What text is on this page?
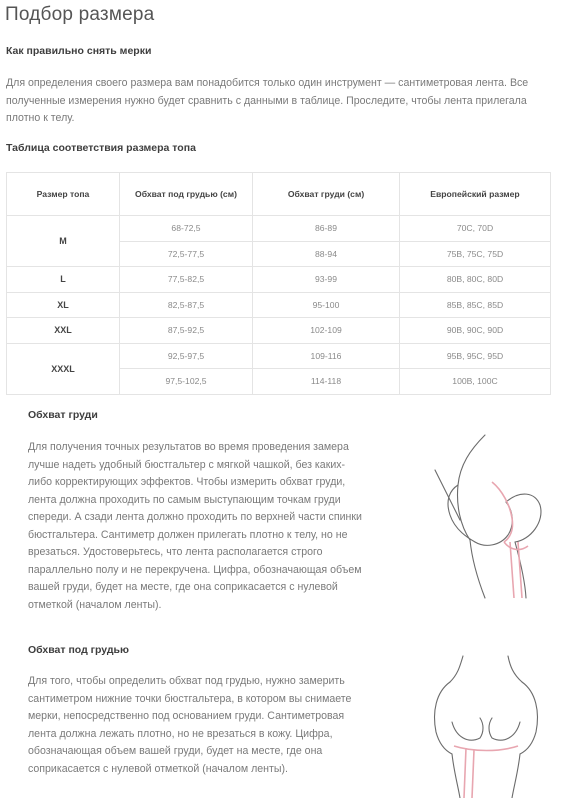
Подбор размера
Как правильно снять мерки
Для определения своего размера вам понадобится только один инструмент — сантиметровая лента. Все
полученные измерения нужно будет сравнить с данными в таблице. Проследите, чтобы лента прилегала
плотно к телу.
Таблица соответствия размера топа
Размер топа	Обхват под грудью (см)	Обхват груди (см)	Европейский размер
M	68-72,5	86-89	70C, 70D
	72,5-77,5	88-94	75B, 75C, 75D
L	77,5-82,5	93-99	80B, 80C, 80D
XL	82,5-87,5	95-100	85B, 85C, 85D
XXL	87,5-92,5	102-109	90B, 90C, 90D
XXXL	92,5-97,5	109-116	95B, 95C, 95D
	97,5-102,5	114-118	100B, 100C
Обхват груди
Для получения точных результатов во время проведения замера
лучше надеть удобный бюстгальтер с мягкой чашкой, без каких-
либо корректирующих эффектов. Чтобы измерить обхват груди,
лента должна проходить по самым выступающим точкам груди
спереди. А сзади лента должно проходить по верхней части спинки
бюстгальтера. Сантиметр должен прилегать плотно к телу, но не
врезаться. Удостоверьтесь, что лента располагается строго
параллельно полу и не перекручена. Цифра, обозначающая объем
вашей груди, будет на месте, где она соприкасается с нулевой
отметкой (началом ленты).
Обхват под грудью
Для того, чтобы определить обхват под грудью, нужно замерить
сантиметром нижние точки бюстгальтера, в котором вы снимаете
мерки, непосредственно под основанием груди. Сантиметровая
лента должна лежать плотно, но не врезаться в кожу. Цифра,
обозначающая объем вашей груди, будет на месте, где она
соприкасается с нулевой отметкой (началом ленты).
